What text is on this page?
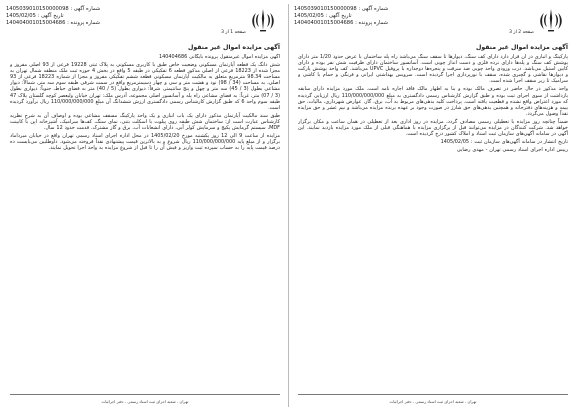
شماره آگهی : 1405039010150000098
تاریخ آگهی : 1405/02/05
شماره پرونده : 140404001015004686
صفحه 1 از 3
آگهی مزایده اموال غیر منقول

آگهی مزایده اموال غیرمنقول پرونده بایگانی 140404686

شش دانگ یک قطعه آپارتمان مسکونی وضعیت خاص طبق با کاربری مسکونی به پلاک ثبتی 19228 فرعی از 93 اصلی مفروز و مجزا شده از 18223 فرعی از اصلی مذکور قطعه 6 تفکیکی در طبقه 5 واقع در بخش 4 حوزه ثبت ملک منطقه شمال تهران به مساحت 98.34 مترمربع متعلق به مالکیت آپارتمان مسکونی قطعه ششم تفکیکی مفروز و مجزا از شماره 18223 فرعی از 93 اصلی، به مساحت (34 / 98) نود و هشت متر و سی و چهار دسیمترمربع واقع در سمت شرقی طبقه سوم سه متر، شمالاً: دیوار مشاعی بطول (3 / 45) سه متر و چهل و پنج سانتیمتر، شرقاً: دیواری بطول (5 / 40) متر به فضای حیاط، جنوباً: دیواری بطول (3 / 07) متر، غرباً: به فضای مشاعی راه پله و آسانسور اصلی مجموعه، آدرس ملک: تهران خیابان ولیعصر کوچه گلستان پلاک 47 طبقه سوم واحد 6 که طبق گزارش کارشناس رسمی دادگستری ارزش ششدانگ آن مبلغ 110/000/000/000 ریال برآورد گردیده است.

طبق سند مالکیت آپارتمان مذکور دارای یک باب انباری و یک واحد پارکینگ مسقف مشاعی بوده و اوصاف آن به شرح نظریه کارشناس عبارت است از: ساختمان شش طبقه روی پیلوت با اسکلت بتنی، نمای سنگ، کف‌ها سرامیک، آشپزخانه اپن با کابینت MDF، سیستم گرمایش پکیج و سرمایش کولر آبی، دارای انشعابات آب، برق و گاز مشترک، قدمت حدود 12 سال.

مزایده از ساعت 9 الی 12 روز یکشنبه مورخ 1405/02/20 در محل اداره اجرای اسناد رسمی تهران واقع در خیابان میرداماد برگزار و از مبلغ پایه 110/000/000/000 ریال شروع و به بالاترین قیمت پیشنهادی نقداً فروخته می‌شود. داوطلبین می‌بایست ده درصد قیمت پایه را به حساب سپرده ثبت واریز و فیش آن را تا قبل از شروع مزایده به واحد اجرا تحویل نمایند.

تهران - شعبه اجرای ثبت اسناد رسمی - دفتر اجرائیات
شماره آگهی : 1405039010150000098
تاریخ آگهی : 1405/02/05
شماره پرونده : 140404001015004686
صفحه 2 از 3
آگهی مزایده اموال غیر منقول

پارکینگ و انباری در آن قرار دارد دارای کف سنگ، دیوارها تا سقف سنگ می‌باشد راه پله ساختمان با عرض حدود 1/20 متر دارای پوشش کف سنگ و پله‌ها دارای نرده فلزی و دست انداز چوبی است. آسانسور ساختمان دارای ظرفیت شش نفر بوده و دارای کابین استیل می‌باشد. درب ورودی واحد چوبی ضد سرقت و پنجره‌ها دوجداره با پروفیل UPVC می‌باشد. کف واحد پوشش پارکت و دیوارها نقاشی و گچبری شده، سقف با نورپردازی اجرا گردیده است. سرویس بهداشتی ایرانی و فرنگی و حمام با کاشی و سرامیک تا زیر سقف اجرا شده است.

واحد مذکور در حال حاضر در تصرف مالک بوده و بنا به اظهار مالک فاقد اجاره نامه است. ملک مورد مزایده دارای سابقه بازداشت از سوی اجرای ثبت بوده و طبق گزارش کارشناس رسمی دادگستری به مبلغ 110/000/000/000 ریال ارزیابی گردیده که مورد اعتراض واقع نشده و قطعیت یافته است. پرداخت کلیه بدهی‌های مربوط به آب، برق، گاز، عوارض شهرداری، مالیات، حق بیمه و هزینه‌های دفترخانه و همچنین بدهی‌های حق شارژ در صورت وجود بر عهده برنده مزایده می‌باشد و نیم عشر و حق مزایده نقداً وصول می‌گردد.

ضمناً چنانچه روز مزایده با تعطیلی رسمی مصادف گردد، مزایده در روز اداری بعد از تعطیلی در همان ساعت و مکان برگزار خواهد شد. شرکت کنندگان در مزایده می‌توانند قبل از برگزاری مزایده با هماهنگی قبلی از ملک مورد مزایده بازدید نمایند. این آگهی در سامانه آگهی‌های سازمان ثبت اسناد و املاک کشور درج گردیده است.

تاریخ انتشار در سامانه آگهی‌های سازمان ثبت : 1405/02/05

رییس اداره اجرای اسناد رسمی تهران - مهدی رضایی

تهران - شعبه اجرای ثبت اسناد رسمی - دفتر اجرائیات
